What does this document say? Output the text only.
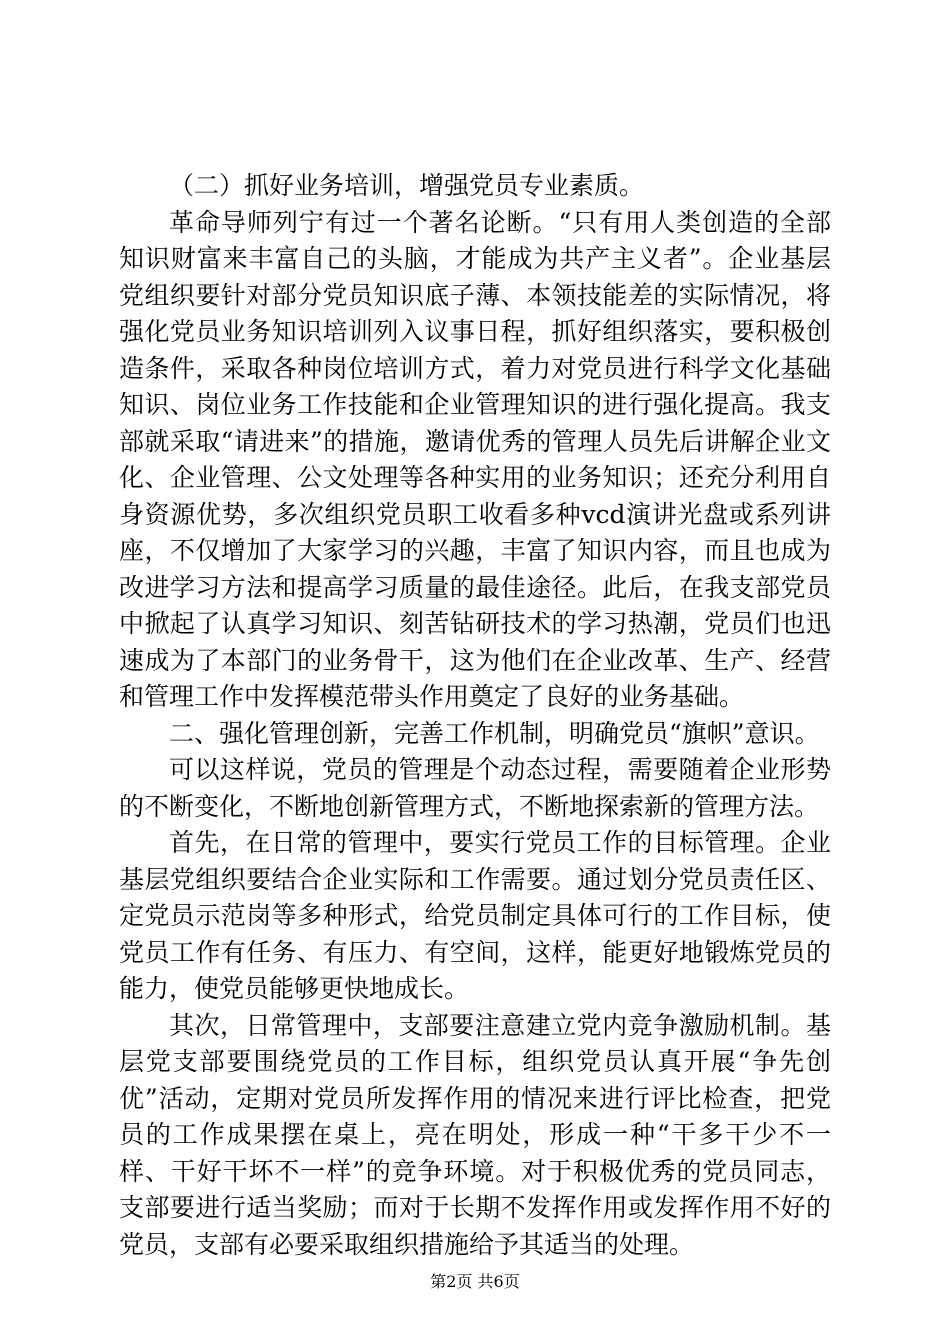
（二）抓好业务培训，增强党员专业素质。

革命导师列宁有过一个著名论断。“只有用人类创造的全部知识财富来丰富自己的头脑，才能成为共产主义者”。企业基层党组织要针对部分党员知识底子薄、本领技能差的实际情况，将强化党员业务知识培训列入议事日程，抓好组织落实，要积极创造条件，采取各种岗位培训方式，着力对党员进行科学文化基础知识、岗位业务工作技能和企业管理知识的进行强化提高。我支部就采取“请进来”的措施，邀请优秀的管理人员先后讲解企业文化、企业管理、公文处理等各种实用的业务知识；还充分利用自身资源优势，多次组织党员职工收看多种vcd演讲光盘或系列讲座，不仅增加了大家学习的兴趣，丰富了知识内容，而且也成为改进学习方法和提高学习质量的最佳途径。此后，在我支部党员中掀起了认真学习知识、刻苦钻研技术的学习热潮，党员们也迅速成为了本部门的业务骨干，这为他们在企业改革、生产、经营和管理工作中发挥模范带头作用奠定了良好的业务基础。

二、强化管理创新，完善工作机制，明确党员“旗帜”意识。

可以这样说，党员的管理是个动态过程，需要随着企业形势的不断变化，不断地创新管理方式，不断地探索新的管理方法。

首先，在日常的管理中，要实行党员工作的目标管理。企业基层党组织要结合企业实际和工作需要。通过划分党员责任区、定党员示范岗等多种形式，给党员制定具体可行的工作目标，使党员工作有任务、有压力、有空间，这样，能更好地锻炼党员的能力，使党员能够更快地成长。

其次，日常管理中，支部要注意建立党内竞争激励机制。基层党支部要围绕党员的工作目标，组织党员认真开展“争先创优”活动，定期对党员所发挥作用的情况来进行评比检查，把党员的工作成果摆在桌上，亮在明处，形成一种“干多干少不一样、干好干坏不一样”的竞争环境。对于积极优秀的党员同志，支部要进行适当奖励；而对于长期不发挥作用或发挥作用不好的党员，支部有必要采取组织措施给予其适当的处理。

第2页 共6页
